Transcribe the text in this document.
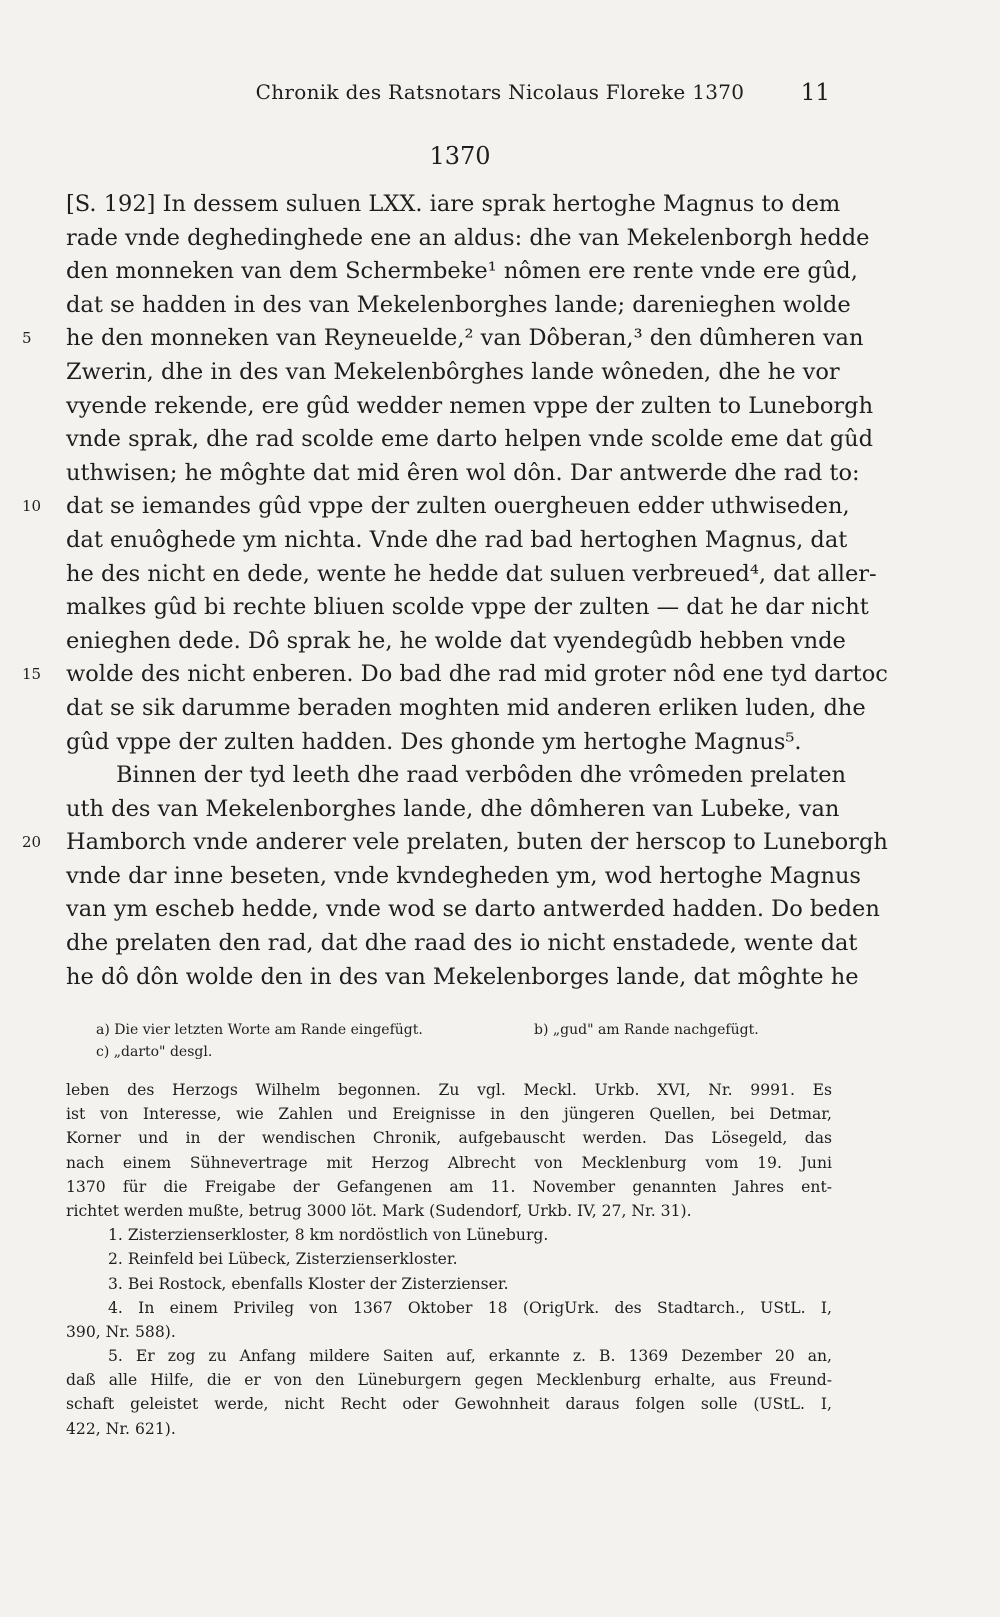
Chronik des Ratsnotars Nicolaus Floreke 1370	11
1370
[S. 192] In dessem suluen LXX. iare sprak hertoghe Magnus to dem
rade vnde deghedinghede ene an aldus: dhe van Mekelenborgh hedde
den monneken van dem Schermbeke¹ nômen ere rente vnde ere gûd,
dat se hadden in des van Mekelenborghes lande; dareniеghen wolde
5	he den monneken van Reyneuelde,² van Dôberan,³ den dûmheren van
Zwerin, dhe in des van Mekelenbôrghes lande wôneden, dhe he vor
vyende rekende, ere gûd wedder nemen vppe der zulten to Luneborgh
vnde sprak, dhe rad scolde eme darto helpen vnde scolde eme dat gûd
uthwisen; he môghte dat mid êren wol dôn. Dar antwerde dhe rad to:
10	dat se iemandes gûd vppe der zulten ouergheuen edder uthwiseden,
dat enuôghede ym nichta. Vnde dhe rad bad hertoghen Magnus, dat
he des nicht en dede, wente he hedde dat suluen verbreued⁴, dat aller-
malkes gûd bi rechte bliuen scolde vppe der zulten — dat he dar nicht
enieghen dede. Dô sprak he, he wolde dat vyendegûdb hebben vnde
15	wolde des nicht enberen. Do bad dhe rad mid groter nôd ene tyd dartoc
dat se sik darumme beraden moghten mid anderen erliken luden, dhe
gûd vppe der zulten hadden. Des ghonde ym hertoghe Magnus⁵.
Binnen der tyd leeth dhe raad verbôden dhe vrômeden prelaten
uth des van Mekelenborghes lande, dhe dômheren van Lubeke, van
20	Hamborch vnde anderer vele prelaten, buten der herscop to Luneborgh
vnde dar inne beseten, vnde kvndegheden ym, wod hertoghe Magnus
van ym escheb hedde, vnde wod se darto antwerded hadden. Do beden
dhe prelaten den rad, dat dhe raad des io nicht enstadede, wente dat
he dô dôn wolde den in des van Mekelenborges lande, dat môghte he
a) Die vier letzten Worte am Rande eingefügt.	b) „gud" am Rande nachgefügt.
c) „darto" desgl.
leben des Herzogs Wilhelm begonnen. Zu vgl. Meckl. Urkb. XVI, Nr. 9991. Es
ist von Interesse, wie Zahlen und Ereignisse in den jüngeren Quellen, bei Detmar,
Korner und in der wendischen Chronik, aufgebauscht werden. Das Lösegeld, das
nach einem Sühnevertrage mit Herzog Albrecht von Mecklenburg vom 19. Juni
1370 für die Freigabe der Gefangenen am 11. November genannten Jahres ent-
richtet werden mußte, betrug 3000 löt. Mark (Sudendorf, Urkb. IV, 27, Nr. 31).
1. Zisterzienserkloster, 8 km nordöstlich von Lüneburg.
2. Reinfeld bei Lübeck, Zisterzienserkloster.
3. Bei Rostock, ebenfalls Kloster der Zisterzienser.
4. In einem Privileg von 1367 Oktober 18 (OrigUrk. des Stadtarch., UStL. I,
390, Nr. 588).
5. Er zog zu Anfang mildere Saiten auf, erkannte z. B. 1369 Dezember 20 an,
daß alle Hilfe, die er von den Lüneburgern gegen Mecklenburg erhalte, aus Freund-
schaft geleistet werde, nicht Recht oder Gewohnheit daraus folgen solle (UStL. I,
422, Nr. 621).
